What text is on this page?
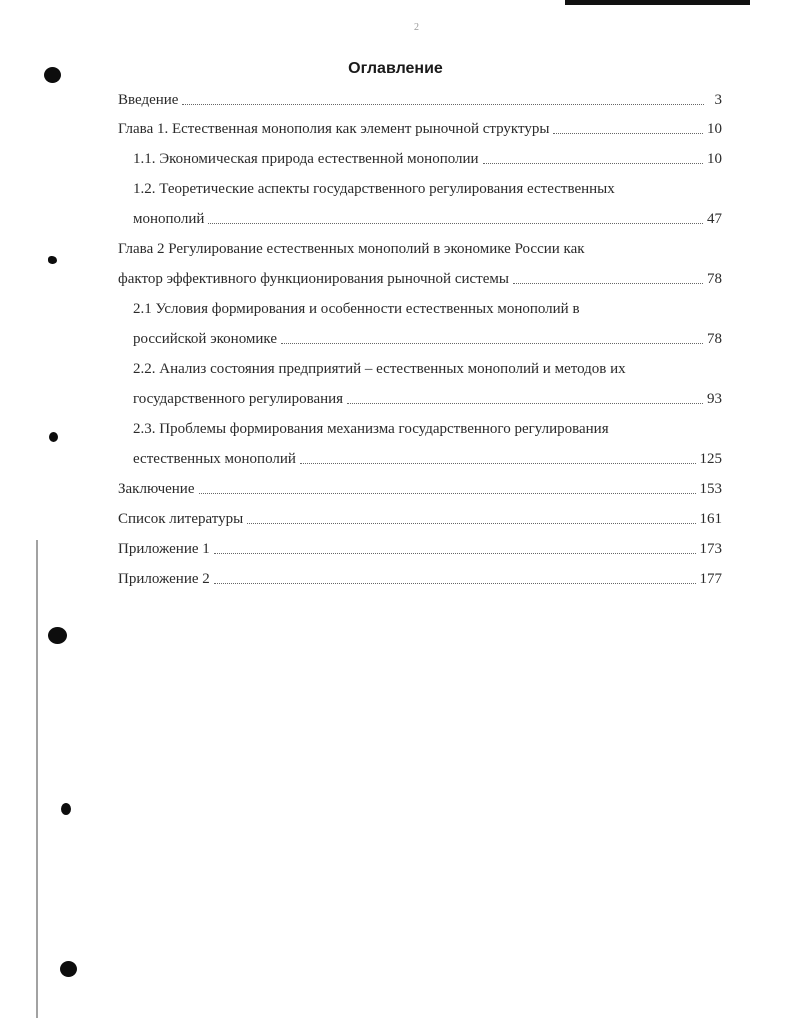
2
Оглавление
Введение	3
Глава 1. Естественная монополия как элемент рыночной структуры	10
1.1. Экономическая природа естественной монополии	10
1.2. Теоретические аспекты государственного регулирования естественных
монополий	47
Глава 2 Регулирование естественных монополий в экономике России как
фактор эффективного функционирования рыночной системы	78
2.1 Условия формирования и особенности естественных монополий в
российской экономике	78
2.2. Анализ состояния предприятий – естественных монополий и методов их
государственного регулирования	93
2.3. Проблемы формирования механизма государственного регулирования
естественных монополий	125
Заключение	153
Список литературы	161
Приложение 1	173
Приложение 2	177
